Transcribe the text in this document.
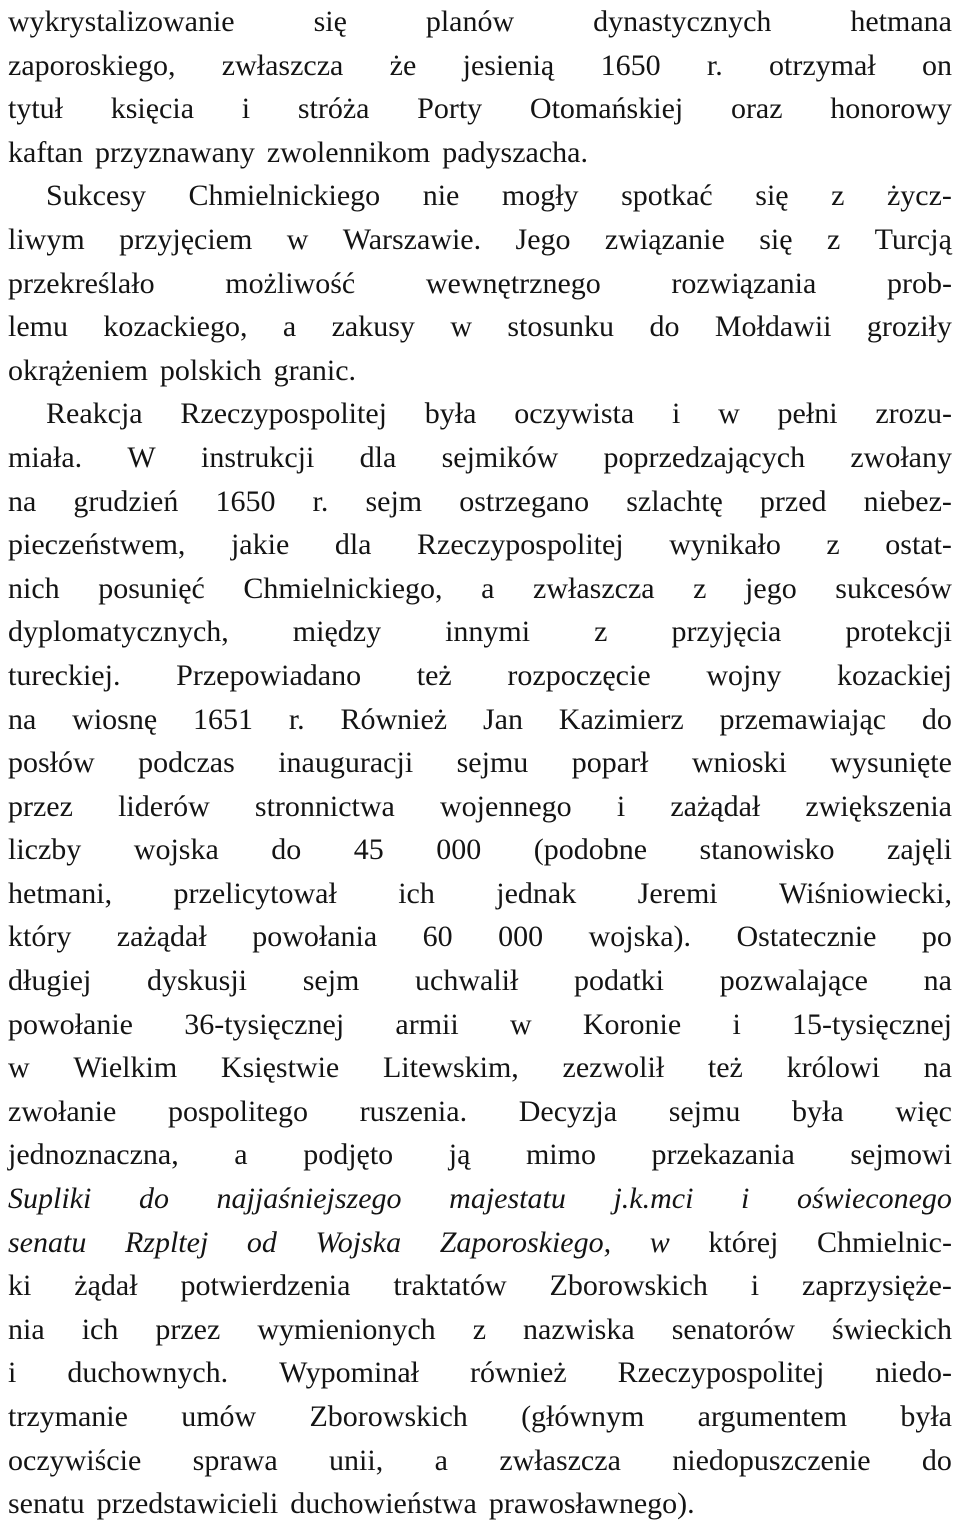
wykrystalizowanie	się	planów	dynastycznych	hetmana
zaporoskiego, zwłaszcza że jesienią 1650 r. otrzymał on
tytuł księcia i stróża Porty Otomańskiej oraz honorowy
kaftan przyznawany zwolennikom padyszacha.
Sukcesy Chmielnickiego nie mogły spotkać się z życz-
liwym przyjęciem w Warszawie. Jego związanie się z Turcją
przekreślało możliwość wewnętrznego rozwiązania prob-
lemu kozackiego, a zakusy w stosunku do Mołdawii groziły
okrążeniem polskich granic.
Reakcja Rzeczypospolitej była oczywista i w pełni zrozu-
miała. W instrukcji dla sejmików poprzedzających zwołany
na grudzień 1650 r. sejm ostrzegano szlachtę przed niebez-
pieczeństwem, jakie dla Rzeczypospolitej wynikało z ostat-
nich posunięć Chmielnickiego, a zwłaszcza z jego sukcesów
dyplomatycznych, między innymi z przyjęcia protekcji
tureckiej. Przepowiadano też rozpoczęcie wojny kozackiej
na wiosnę 1651 r. Również Jan Kazimierz przemawiając do
posłów podczas inauguracji sejmu poparł wnioski wysunięte
przez liderów stronnictwa wojennego i zażądał zwiększenia
liczby wojska do 45 000 (podobne stanowisko zajęli
hetmani, przelicytował ich jednak Jeremi Wiśniowiecki,
który zażądał powołania 60 000 wojska). Ostatecznie po
długiej dyskusji sejm uchwalił podatki pozwalające na
powołanie 36-tysięcznej armii w Koronie i 15-tysięcznej
w Wielkim Księstwie Litewskim, zezwolił też królowi na
zwołanie pospolitego ruszenia. Decyzja sejmu była więc
jednoznaczna, a podjęto ją mimo przekazania sejmowi
Supliki do najjaśniejszego majestatu j.k.mci i oświeconego
senatu Rzpltej od Wojska Zaporoskiego, w której Chmielnic-
ki żądał potwierdzenia traktatów Zborowskich i zaprzysięże-
nia ich przez wymienionych z nazwiska senatorów świeckich
i duchownych. Wypominał również Rzeczypospolitej niedo-
trzymanie umów Zborowskich (głównym argumentem była
oczywiście sprawa unii, a zwłaszcza niedopuszczenie do
senatu przedstawicieli duchowieństwa prawosławnego).
